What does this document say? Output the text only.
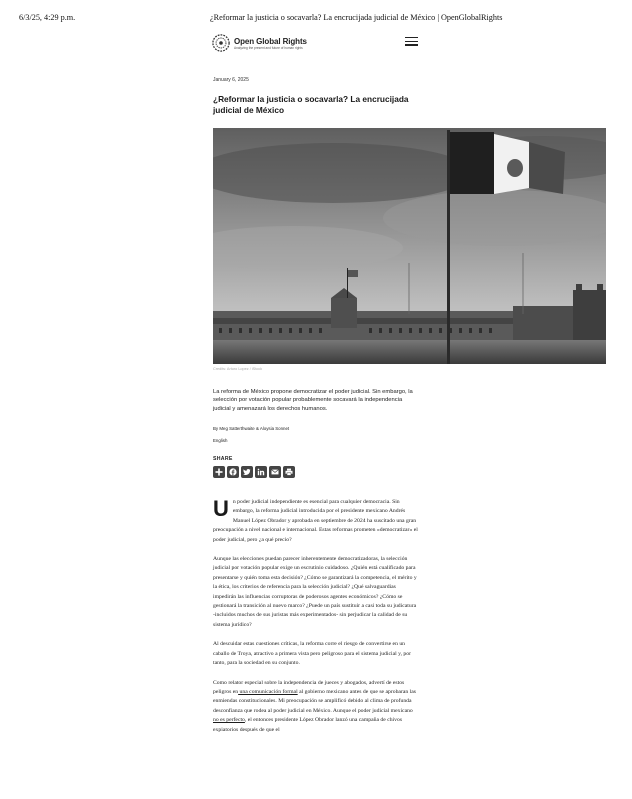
6/3/25, 4:29 p.m.	¿Reformar la justicia o socavarla? La encrucijada judicial de México | OpenGlobalRights
Open Global Rights
Analyzing the present and future of human rights
January 6, 2025
¿Reformar la justicia o socavarla? La encrucijada judicial de México
Credits: Arturo Lopez / iStock

La reforma de México propone democratizar el poder judicial. Sin embargo, la selección por votación popular probablemente socavará la independencia judicial y amenazará los derechos humanos.

By Meg Satterthwaite & Aloysia Sonnet
English
SHARE

Un poder judicial independiente es esencial para cualquier democracia. Sin embargo, la reforma judicial introducida por el presidente mexicano Andrés Manuel López Obrador y aprobada en septiembre de 2024 ha suscitado una gran preocupación a nivel nacional e internacional. Estas reformas prometen «democratizar» el poder judicial, pero ¿a qué precio?

Aunque las elecciones puedan parecer inherentemente democratizadoras, la selección judicial por votación popular exige un escrutinio cuidadoso. ¿Quién está cualificado para presentarse y quién toma esta decisión? ¿Cómo se garantizará la competencia, el mérito y la ética, los criterios de referencia para la selección judicial? ¿Qué salvaguardias impedirán las influencias corruptoras de poderosos agentes económicos? ¿Cómo se gestionará la transición al nuevo marco? ¿Puede un país sustituir a casi toda su judicatura -incluidos muchos de sus juristas más experimentados- sin perjudicar la calidad de su sistema jurídico?

Al descuidar estas cuestiones críticas, la reforma corre el riesgo de convertirse en un caballo de Troya, atractivo a primera vista pero peligroso para el sistema judicial y, por tanto, para la sociedad en su conjunto.

Como relator especial sobre la independencia de jueces y abogados, advertí de estos peligros en una comunicación formal al gobierno mexicano antes de que se aprobaran las enmiendas constitucionales. Mi preocupación se amplificó debido al clima de profunda desconfianza que rodea al poder judicial en México. Aunque el poder judicial mexicano no es perfecto, el entonces presidente López Obrador lanzó una campaña de chivos expiatorios después de que el
